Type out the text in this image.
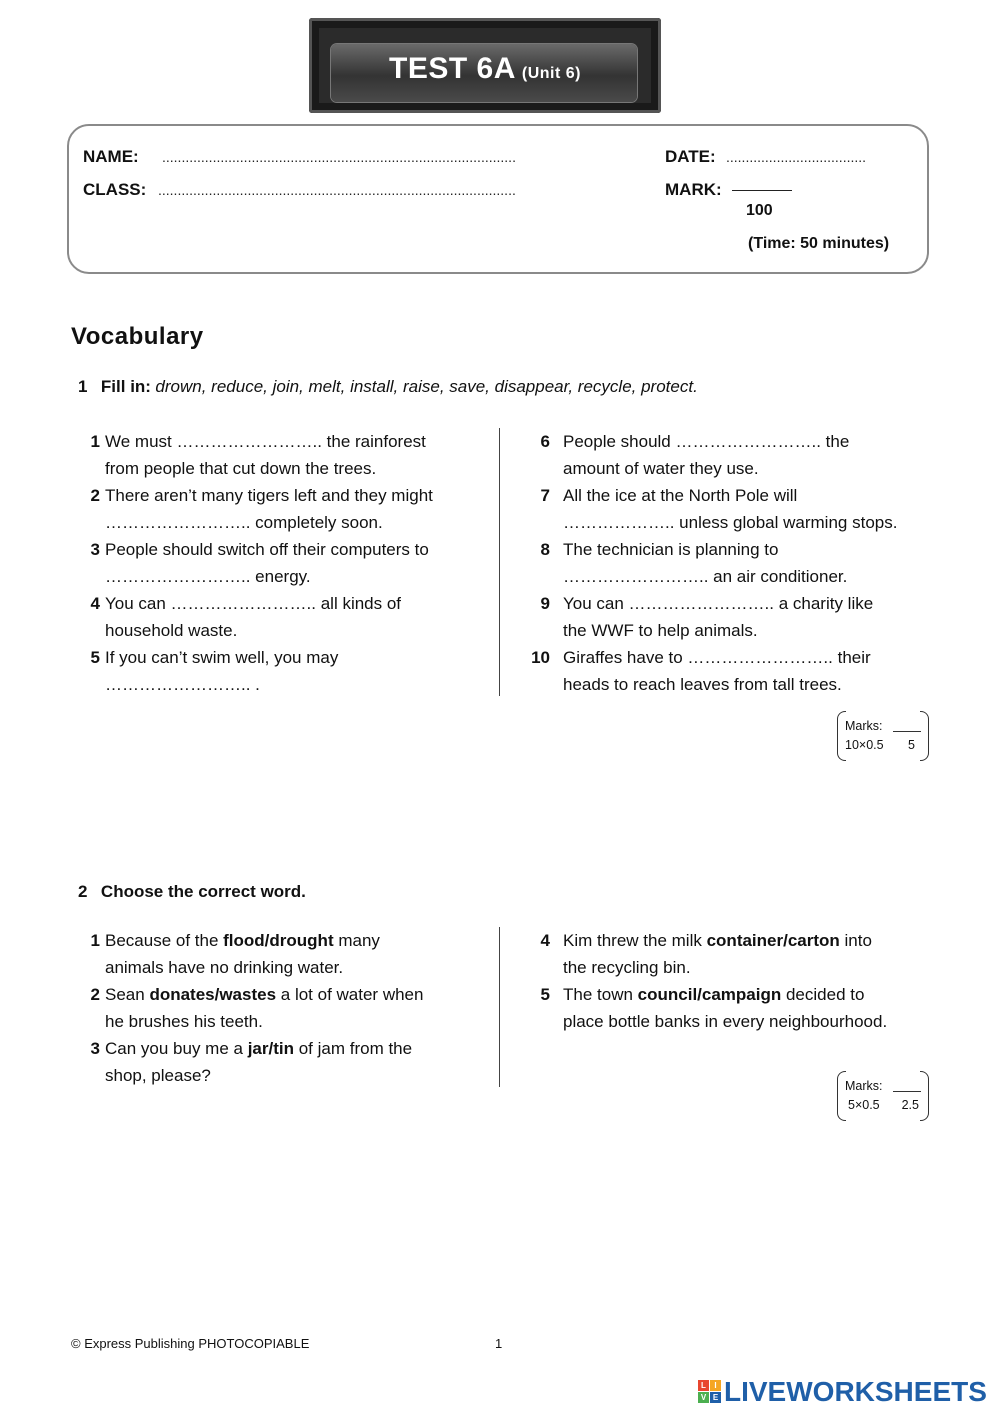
TEST 6A (Unit 6)
NAME: ...........................................................................................	DATE: ....................................
CLASS: ............................................................................................	MARK:
100
(Time: 50 minutes)
Vocabulary
1 Fill in: drown, reduce, join, melt, install, raise, save, disappear, recycle, protect.
1 We must …………………….. the rainforest
from people that cut down the trees.
2 There aren’t many tigers left and they might
…………………….. completely soon.
3 People should switch off their computers to
…………………….. energy.
4 You can …………………….. all kinds of
household waste.
5 If you can’t swim well, you may
…………………….. .
6 People should …………………….. the
amount of water they use.
7 All the ice at the North Pole will
……………….. unless global warming stops.
8 The technician is planning to
…………………….. an air conditioner.
9 You can …………………….. a charity like
the WWF to help animals.
10 Giraffes have to …………………….. their
heads to reach leaves from tall trees.
Marks:
10×0.5 5
2 Choose the correct word.
1 Because of the flood/drought many
animals have no drinking water.
2 Sean donates/wastes a lot of water when
he brushes his teeth.
3 Can you buy me a jar/tin of jam from the
shop, please?
4 Kim threw the milk container/carton into
the recycling bin.
5 The town council/campaign decided to
place bottle banks in every neighbourhood.
Marks:
5×0.5 2.5
© Express Publishing PHOTOCOPIABLE	1
L	I
V E LIVEWORKSHEETS
